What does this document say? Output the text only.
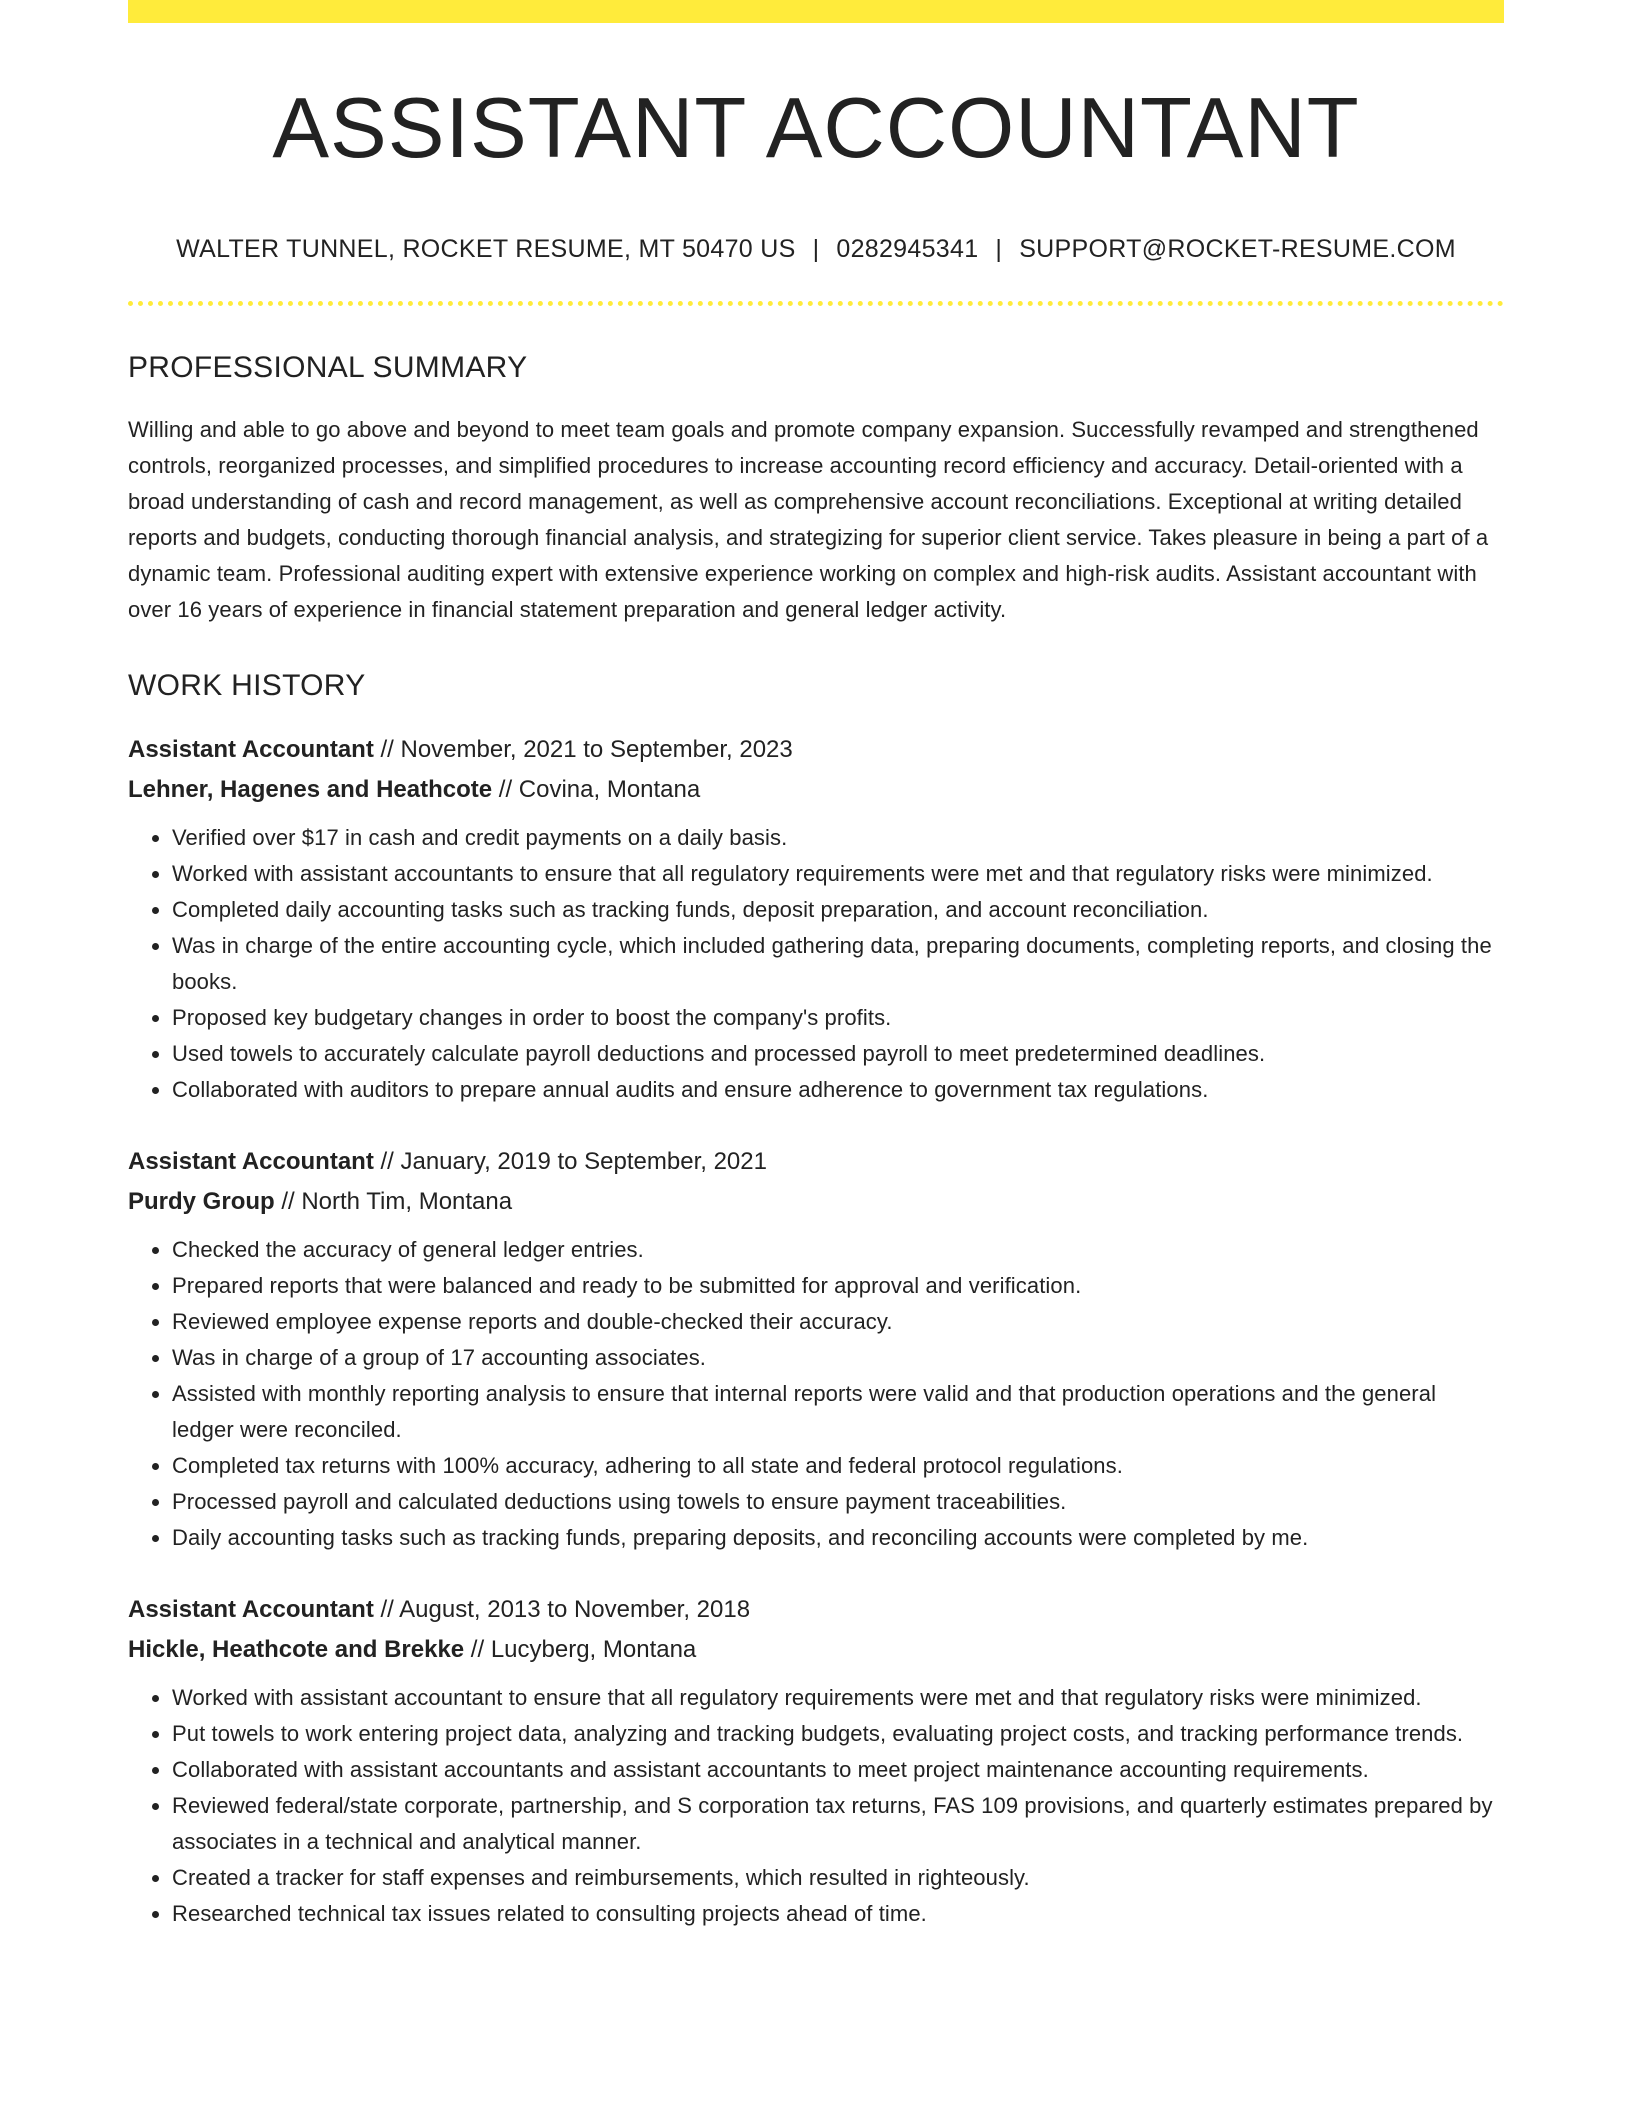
ASSISTANT ACCOUNTANT
WALTER TUNNEL, ROCKET RESUME, MT 50470 US | 0282945341 | SUPPORT@ROCKET-RESUME.COM
PROFESSIONAL SUMMARY
Willing and able to go above and beyond to meet team goals and promote company expansion. Successfully revamped and strengthened controls, reorganized processes, and simplified procedures to increase accounting record efficiency and accuracy. Detail-oriented with a broad understanding of cash and record management, as well as comprehensive account reconciliations. Exceptional at writing detailed reports and budgets, conducting thorough financial analysis, and strategizing for superior client service. Takes pleasure in being a part of a dynamic team. Professional auditing expert with extensive experience working on complex and high-risk audits. Assistant accountant with over 16 years of experience in financial statement preparation and general ledger activity.
WORK HISTORY
Assistant Accountant // November, 2021 to September, 2023
Lehner, Hagenes and Heathcote // Covina, Montana
• Verified over $17 in cash and credit payments on a daily basis.
• Worked with assistant accountants to ensure that all regulatory requirements were met and that regulatory risks were minimized.
• Completed daily accounting tasks such as tracking funds, deposit preparation, and account reconciliation.
• Was in charge of the entire accounting cycle, which included gathering data, preparing documents, completing reports, and closing the books.
• Proposed key budgetary changes in order to boost the company's profits.
• Used towels to accurately calculate payroll deductions and processed payroll to meet predetermined deadlines.
• Collaborated with auditors to prepare annual audits and ensure adherence to government tax regulations.
Assistant Accountant // January, 2019 to September, 2021
Purdy Group // North Tim, Montana
• Checked the accuracy of general ledger entries.
• Prepared reports that were balanced and ready to be submitted for approval and verification.
• Reviewed employee expense reports and double-checked their accuracy.
• Was in charge of a group of 17 accounting associates.
• Assisted with monthly reporting analysis to ensure that internal reports were valid and that production operations and the general ledger were reconciled.
• Completed tax returns with 100% accuracy, adhering to all state and federal protocol regulations.
• Processed payroll and calculated deductions using towels to ensure payment traceabilities.
• Daily accounting tasks such as tracking funds, preparing deposits, and reconciling accounts were completed by me.
Assistant Accountant // August, 2013 to November, 2018
Hickle, Heathcote and Brekke // Lucyberg, Montana
• Worked with assistant accountant to ensure that all regulatory requirements were met and that regulatory risks were minimized.
• Put towels to work entering project data, analyzing and tracking budgets, evaluating project costs, and tracking performance trends.
• Collaborated with assistant accountants and assistant accountants to meet project maintenance accounting requirements.
• Reviewed federal/state corporate, partnership, and S corporation tax returns, FAS 109 provisions, and quarterly estimates prepared by associates in a technical and analytical manner.
• Created a tracker for staff expenses and reimbursements, which resulted in righteously.
• Researched technical tax issues related to consulting projects ahead of time.
